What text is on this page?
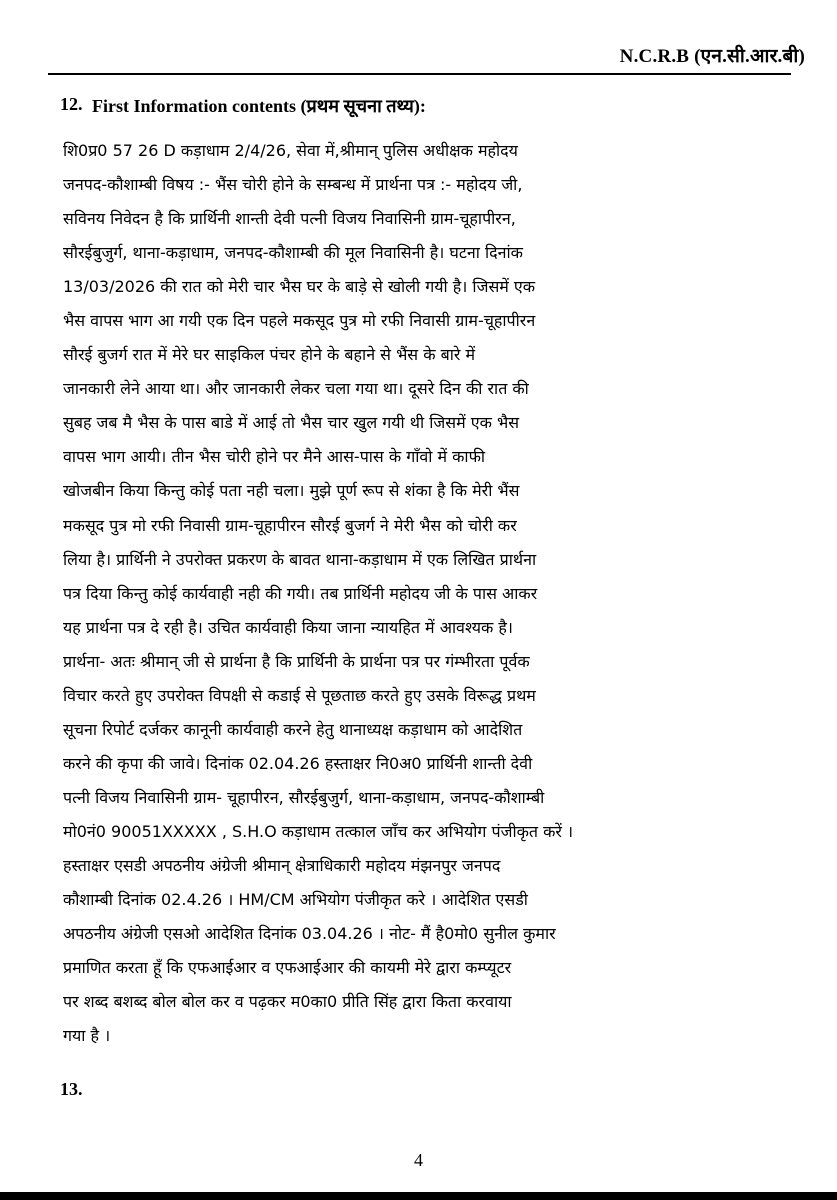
N.C.R.B (एन.सी.आर.बी)
12. First Information contents (प्रथम सूचना तथ्य):
शि0प्र0 57 26 D कड़ाधाम 2/4/26, सेवा में,श्रीमान् पुलिस अधीक्षक महोदय
जनपद-कौशाम्बी विषय :- भैंस चोरी होने के सम्बन्ध में प्रार्थना पत्र :- महोदय जी,
सविनय निवेदन है कि प्रार्थिनी शान्ती देवी पत्नी विजय निवासिनी ग्राम-चूहापीरन,
सौरईबुजुर्ग, थाना-कड़ाधाम, जनपद-कौशाम्बी की मूल निवासिनी है। घटना दिनांक
13/03/2026 की रात को मेरी चार भैस घर के बाड़े से खोली गयी है। जिसमें एक
भैस वापस भाग आ गयी एक दिन पहले मकसूद पुत्र मो रफी निवासी ग्राम-चूहापीरन
सौरई बुजर्ग रात में मेरे घर साइकिल पंचर होने के बहाने से भैंस के बारे में
जानकारी लेने आया था। और जानकारी लेकर चला गया था। दूसरे दिन की रात की
सुबह जब मै भैस के पास बाडे में आई तो भैस चार खुल गयी थी जिसमें एक भैस
वापस भाग आयी। तीन भैस चोरी होने पर मैने आस-पास के गाँवो में काफी
खोजबीन किया किन्तु कोई पता नही चला। मुझे पूर्ण रूप से शंका है कि मेरी भैंस
मकसूद पुत्र मो रफी निवासी ग्राम-चूहापीरन सौरई बुजर्ग ने मेरी भैस को चोरी कर
लिया है। प्रार्थिनी ने उपरोक्त प्रकरण के बावत थाना-कड़ाधाम में एक लिखित प्रार्थना
पत्र दिया किन्तु कोई कार्यवाही नही की गयी। तब प्रार्थिनी महोदय जी के पास आकर
यह प्रार्थना पत्र दे रही है। उचित कार्यवाही किया जाना न्यायहित में आवश्यक है।
प्रार्थना- अतः श्रीमान् जी से प्रार्थना है कि प्रार्थिनी के प्रार्थना पत्र पर गंम्भीरता पूर्वक
विचार करते हुए उपरोक्त विपक्षी से कडाई से पूछताछ करते हुए उसके विरूद्ध प्रथम
सूचना रिपोर्ट दर्जकर कानूनी कार्यवाही करने हेतु थानाध्यक्ष कड़ाधाम को आदेशित
करने की कृपा की जावे। दिनांक 02.04.26 हस्ताक्षर नि0अ0 प्रार्थिनी शान्ती देवी
पत्नी विजय निवासिनी ग्राम- चूहापीरन, सौरईबुजुर्ग, थाना-कड़ाधाम, जनपद-कौशाम्बी
मो0नं0 90051XXXXX , S.H.O कड़ाधाम तत्काल जाँच कर अभियोग पंजीकृत करें ।
हस्ताक्षर एसडी अपठनीय अंग्रेजी श्रीमान् क्षेत्राधिकारी महोदय मंझनपुर जनपद
कौशाम्बी दिनांक 02.4.26 । HM/CM अभियोग पंजीकृत करे । आदेशित एसडी
अपठनीय अंग्रेजी एसओ आदेशित दिनांक 03.04.26 । नोट- मैं है0मो0 सुनील कुमार
प्रमाणित करता हूँ कि एफआईआर व एफआईआर की कायमी मेरे द्वारा कम्प्यूटर
पर शब्द बशब्द बोल बोल कर व पढ़कर म0का0 प्रीति सिंह द्वारा किता करवाया
गया है ।
13.
4
